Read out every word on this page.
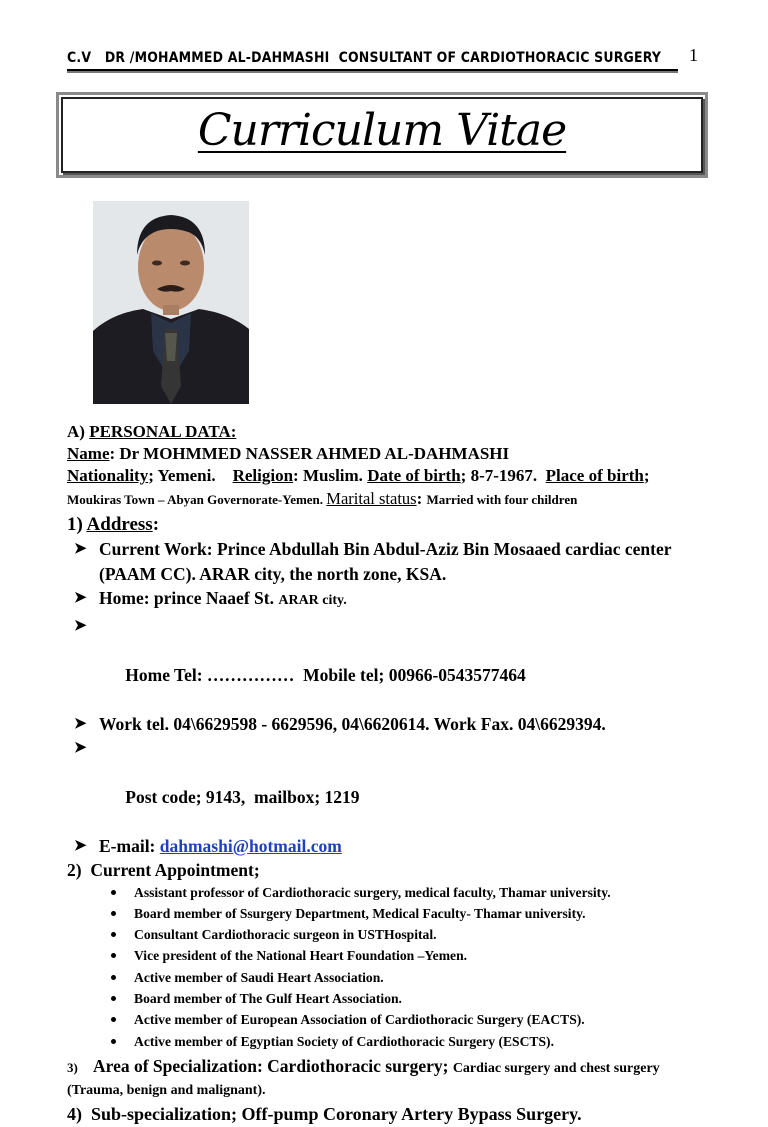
C.V   DR /MOHAMMED AL-DAHMASHI  CONSULTANT OF CARDIOTHORACIC SURGERY 1
Curriculum Vitae
A) PERSONAL DATA:
Name: Dr MOHMMED NASSER AHMED AL-DAHMASHI
Nationality; Yemeni.    Religion: Muslim. Date of birth; 8-7-1967.  Place of birth;
Moukiras Town – Abyan Governorate-Yemen. Marital status: Married with four children
1) Address:
➤ Current Work: Prince Abdullah Bin Abdul-Aziz Bin Mosaaed cardiac center
(PAAM CC). ARAR city, the north zone, KSA.
➤ Home: prince Naaef St. ARAR city.

➤

Home Tel: ……………  Mobile tel; 00966-0543577464

➤ Work tel. 04\6629598 - 6629596, 04\6620614. Work Fax. 04\6629394.

➤

Post code; 9143,  mailbox; 1219

➤ E-mail: dahmashi@hotmail.com
2)  Current Appointment;
Assistant professor of Cardiothoracic surgery, medical faculty, Thamar university.
Board member of Ssurgery Department, Medical Faculty- Thamar university.
Consultant Cardiothoracic surgeon in USTHospital.
Vice president of the National Heart Foundation –Yemen.
Active member of Saudi Heart Association.
Board member of The Gulf Heart Association.
Active member of European Association of Cardiothoracic Surgery (EACTS).
Active member of Egyptian Society of Cardiothoracic Surgery (ESCTS).
3) Area of Specialization: Cardiothoracic surgery; Cardiac surgery and chest surgery
(Trauma, benign and malignant).
4)  Sub-specialization; Off-pump Coronary Artery Bypass Surgery.
